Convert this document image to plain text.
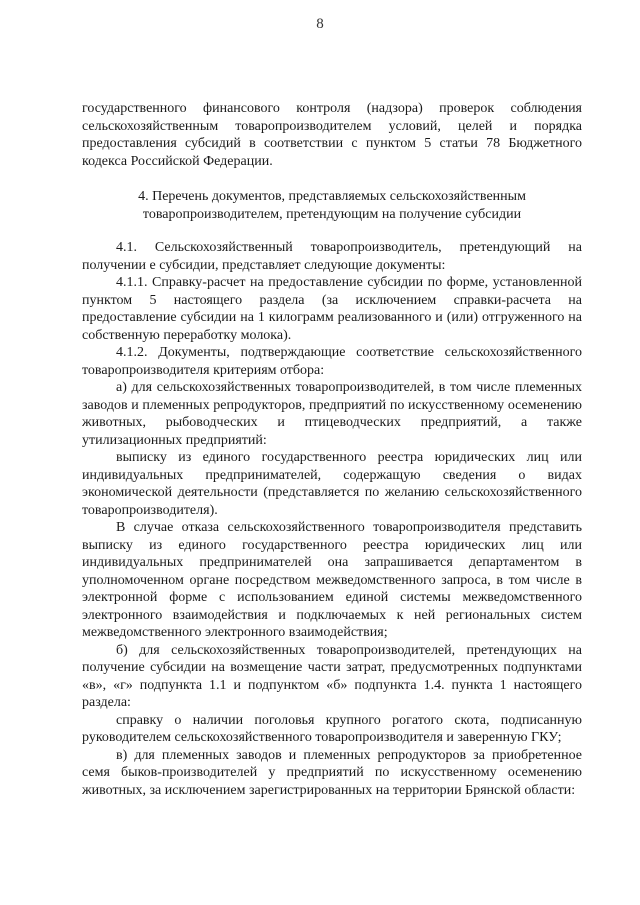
8

государственного финансового контроля (надзора) проверок соблюдения сельскохозяйственным товаропроизводителем условий, целей и порядка предоставления субсидий в соответствии с пунктом 5 статьи 78 Бюджетного кодекса Российской Федерации.

4. Перечень документов, представляемых сельскохозяйственным товаропроизводителем, претендующим на получение субсидии

4.1. Сельскохозяйственный товаропроизводитель, претендующий на получении е субсидии, представляет следующие документы:

4.1.1. Справку-расчет на предоставление субсидии по форме, установленной пунктом 5 настоящего раздела (за исключением справки-расчета на предоставление субсидии на 1 килограмм реализованного и (или) отгруженного на собственную переработку молока).

4.1.2. Документы, подтверждающие соответствие сельскохозяйственного товаропроизводителя критериям отбора:

а) для сельскохозяйственных товаропроизводителей, в том числе племенных заводов и племенных репродукторов, предприятий по искусственному осеменению животных, рыбоводческих и птицеводческих предприятий, а также утилизационных предприятий:

выписку из единого государственного реестра юридических лиц или индивидуальных предпринимателей, содержащую сведения о видах экономической деятельности (представляется по желанию сельскохозяйственного товаропроизводителя).

В случае отказа сельскохозяйственного товаропроизводителя представить выписку из единого государственного реестра юридических лиц или индивидуальных предпринимателей она запрашивается департаментом в уполномоченном органе посредством межведомственного запроса, в том числе в электронной форме с использованием единой системы межведомственного электронного взаимодействия и подключаемых к ней региональных систем межведомственного электронного взаимодействия;

б) для сельскохозяйственных товаропроизводителей, претендующих на получение субсидии на возмещение части затрат, предусмотренных подпунктами «в», «г» подпункта 1.1 и подпунктом «б» подпункта 1.4. пункта 1 настоящего раздела:

справку о наличии поголовья крупного рогатого скота, подписанную руководителем сельскохозяйственного товаропроизводителя и заверенную ГКУ;

в) для племенных заводов и племенных репродукторов за приобретенное семя быков-производителей у предприятий по искусственному осеменению животных, за исключением зарегистрированных на территории Брянской области:
